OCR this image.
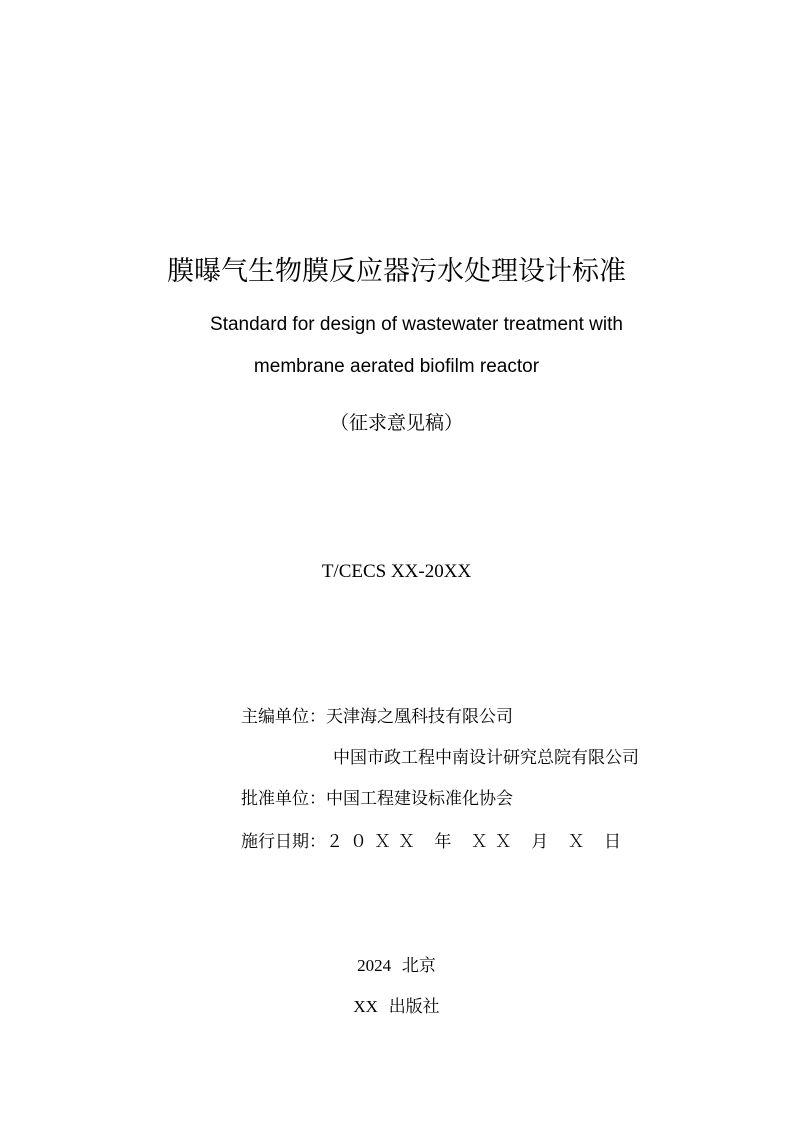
膜曝气生物膜反应器污水处理设计标准
Standard for design of wastewater treatment with
membrane aerated biofilm reactor
（征求意见稿）
T/CECS XX-20XX
主编单位：天津海之凰科技有限公司
中国市政工程中南设计研究总院有限公司
批准单位：中国工程建设标准化协会
施行日期：２０ＸＸ 年 ＸＸ 月 Ｘ 日
2024 北京
XX 出版社
